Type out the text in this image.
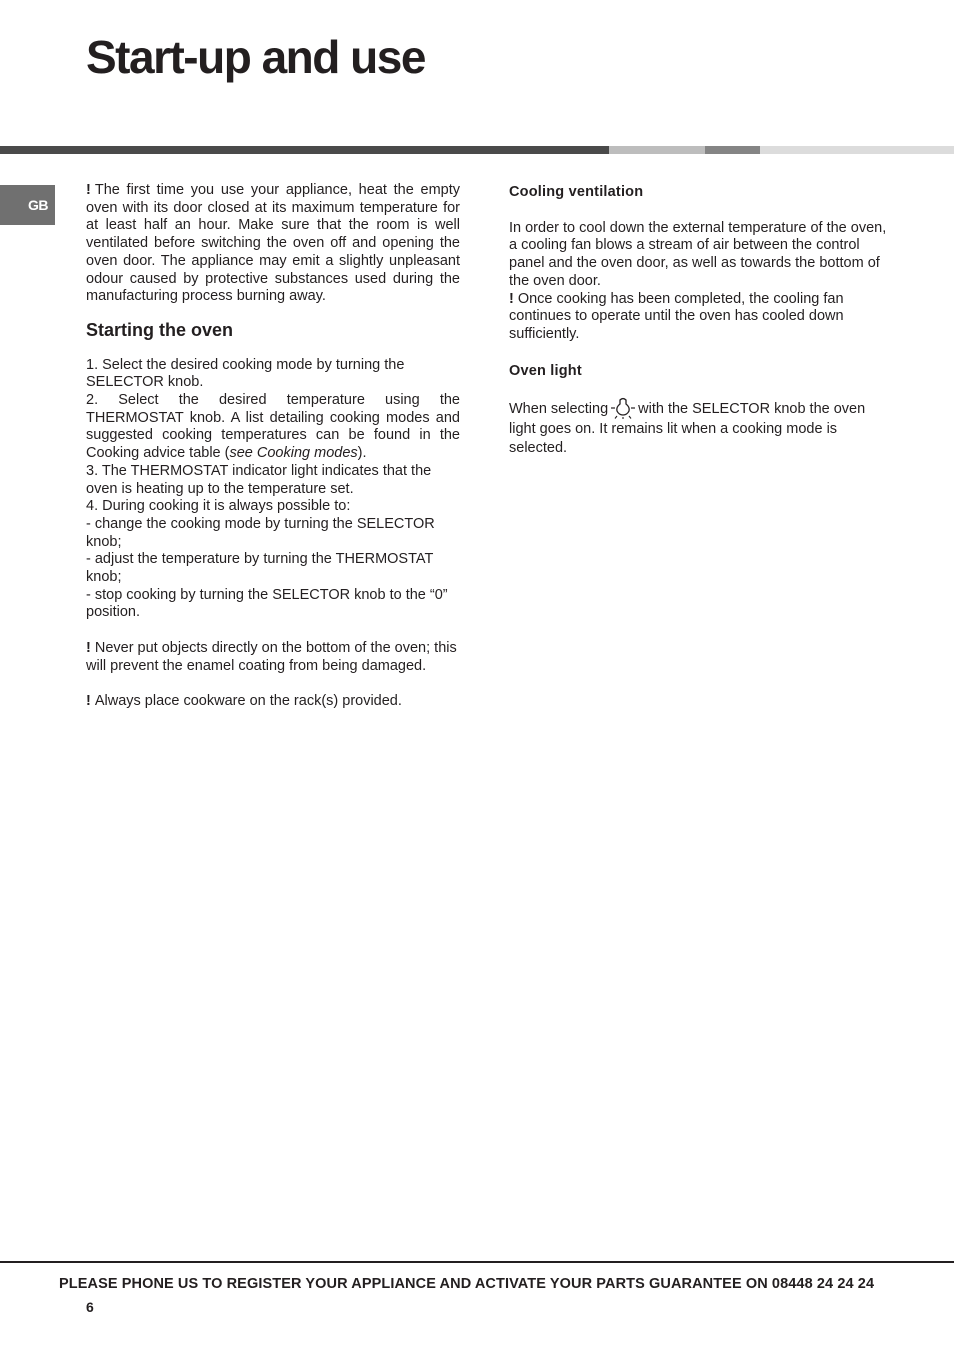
Start-up and use
GB

! The first time you use your appliance, heat the empty oven with its door closed at its maximum temperature for at least half an hour. Make sure that the room is well ventilated before switching the oven off and opening the oven door. The appliance may emit a slightly unpleasant odour caused by protective substances used during the manufacturing process burning away.

Starting the oven

1. Select the desired cooking mode by turning the SELECTOR knob.

2. Select the desired temperature using the THERMOSTAT knob. A list detailing cooking modes and suggested cooking temperatures can be found in the Cooking advice table (see Cooking modes).

3. The THERMOSTAT indicator light indicates that the oven is heating up to the temperature set.

4. During cooking it is always possible to:

- change the cooking mode by turning the SELECTOR knob;

- adjust the temperature by turning the THERMOSTAT knob;

- stop cooking by turning the SELECTOR knob to the “0” position.

! Never put objects directly on the bottom of the oven; this will prevent the enamel coating from being damaged.

! Always place cookware on the rack(s) provided.

Cooling ventilation

In order to cool down the external temperature of the oven, a cooling fan blows a stream of air between the control panel and the oven door, as well as towards the bottom of the oven door.

! Once cooking has been completed, the cooling fan continues to operate until the oven has cooled down sufficiently.

Oven light

When selecting with the SELECTOR knob the oven light goes on. It remains lit when a cooking mode is selected.

PLEASE PHONE US TO REGISTER YOUR APPLIANCE AND ACTIVATE YOUR PARTS GUARANTEE ON 08448 24 24 24
6
